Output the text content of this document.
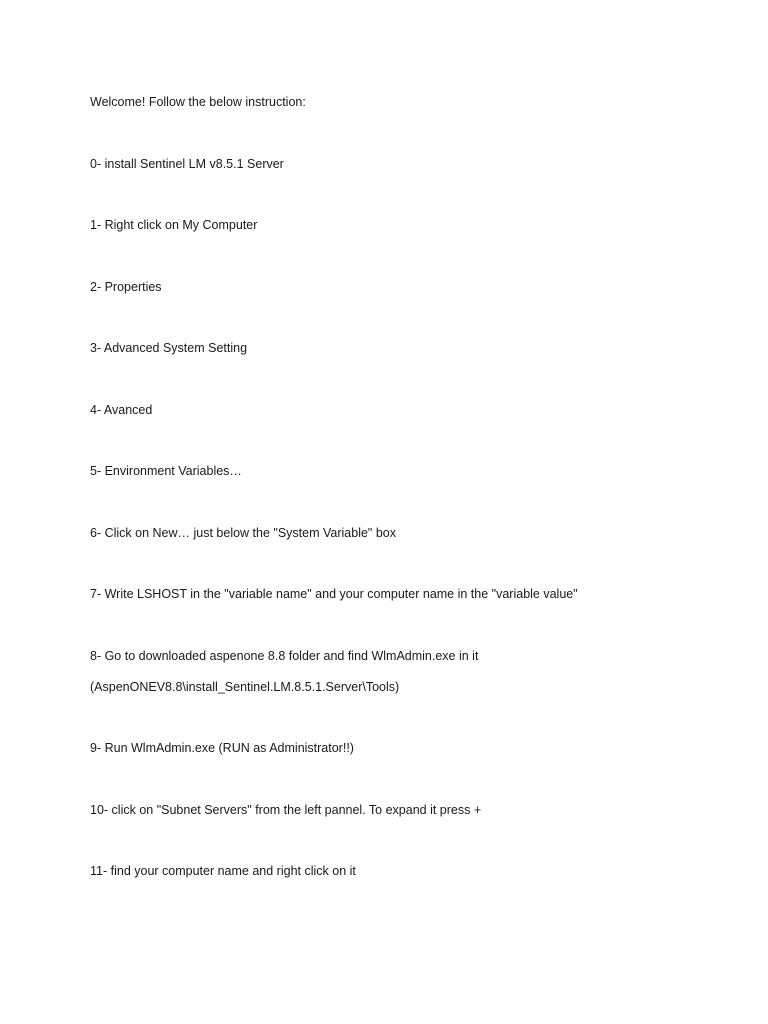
Welcome! Follow the below instruction:
0- install Sentinel LM v8.5.1 Server
1- Right click on My Computer
2- Properties
3- Advanced System Setting
4- Avanced
5- Environment Variables…
6- Click on New… just below the "System Variable" box
7- Write LSHOST in the "variable name" and your computer name in the "variable value"
8- Go to downloaded aspenone 8.8 folder and find WlmAdmin.exe in it
(AspenONEV8.8\install_Sentinel.LM.8.5.1.Server\Tools)
9- Run WlmAdmin.exe (RUN as Administrator!!)
10- click on "Subnet Servers" from the left pannel. To expand it press +
11- find your computer name and right click on it
